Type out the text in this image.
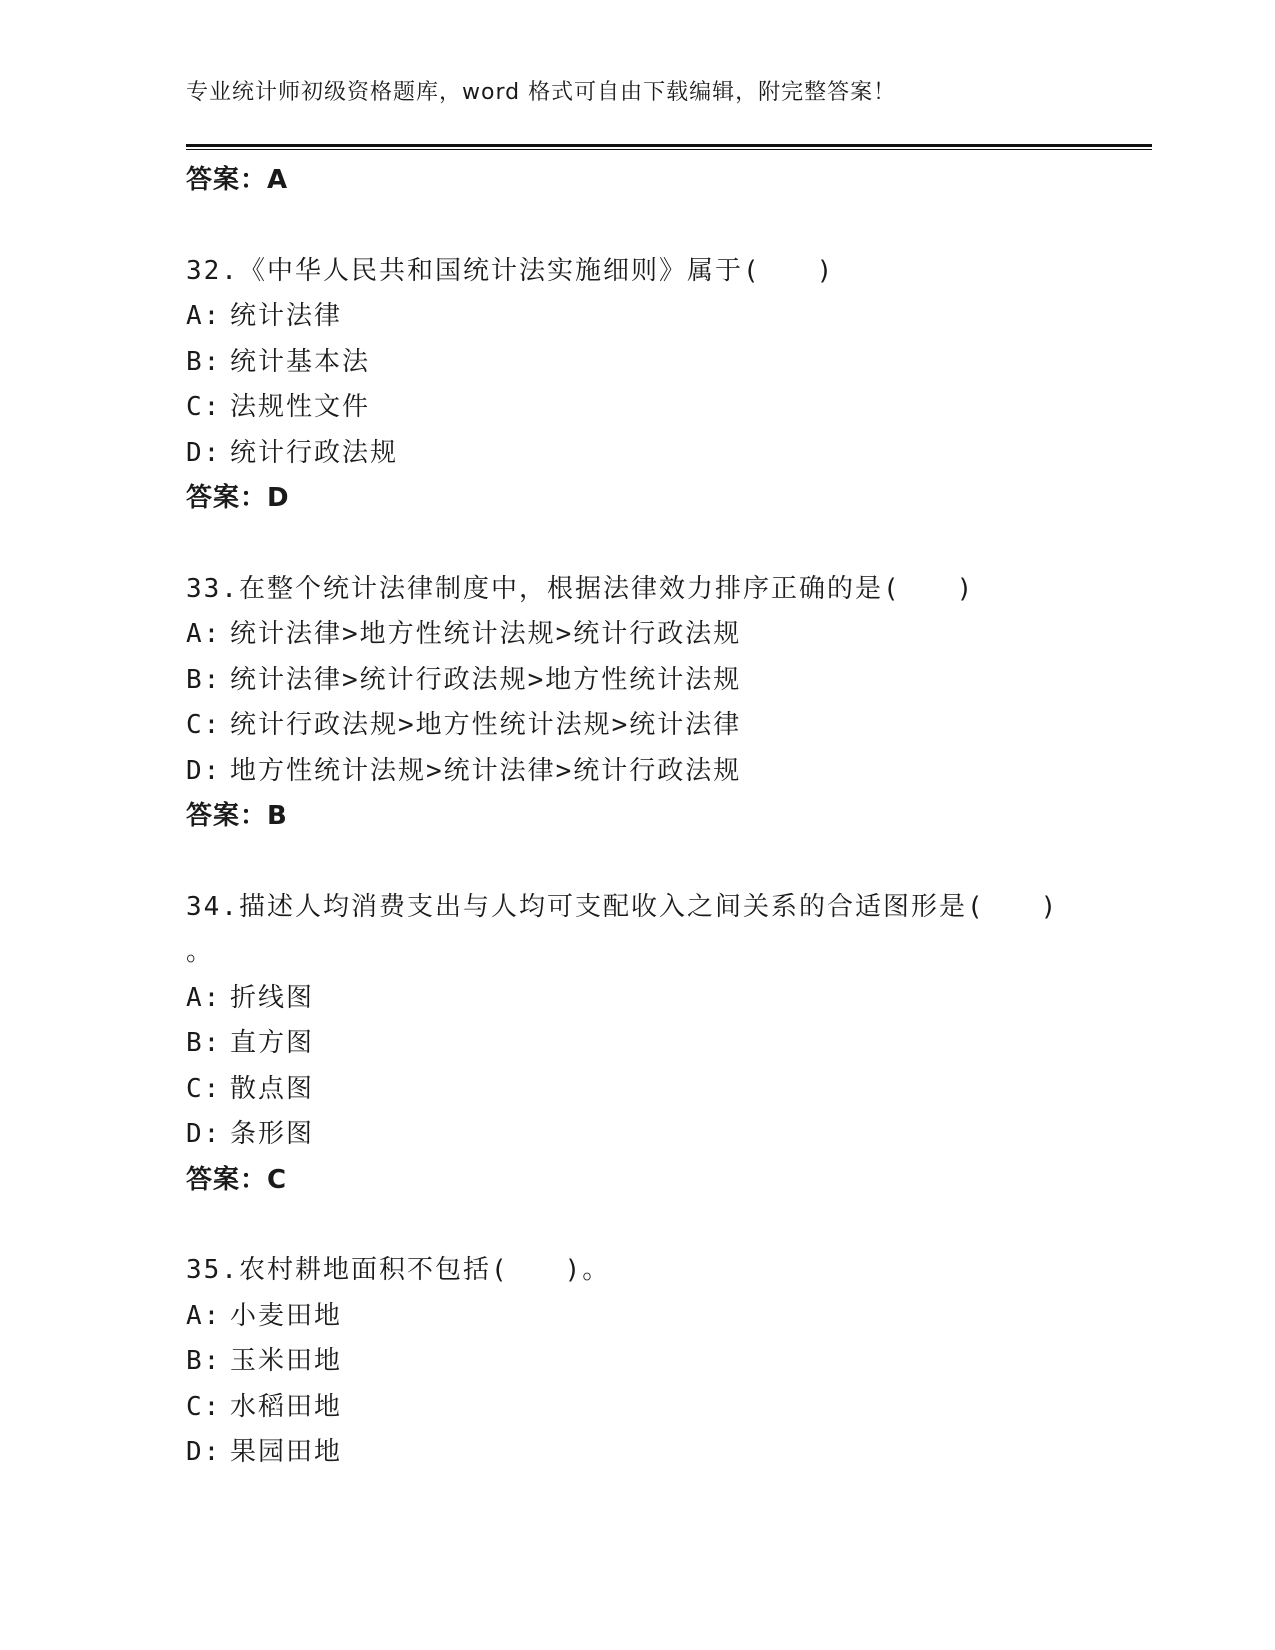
专业统计师初级资格题库，word 格式可自由下载编辑，附完整答案！
答案：A
32.《中华人民共和国统计法实施细则》属于(　　)
A: 统计法律
B: 统计基本法
C: 法规性文件
D: 统计行政法规
答案：D
33.在整个统计法律制度中，根据法律效力排序正确的是(　　)
A: 统计法律>地方性统计法规>统计行政法规
B: 统计法律>统计行政法规>地方性统计法规
C: 统计行政法规>地方性统计法规>统计法律
D: 地方性统计法规>统计法律>统计行政法规
答案：B
34.描述人均消费支出与人均可支配收入之间关系的合适图形是(　　)
。
A: 折线图
B: 直方图
C: 散点图
D: 条形图
答案：C
35.农村耕地面积不包括(　　)。
A: 小麦田地
B: 玉米田地
C: 水稻田地
D: 果园田地
